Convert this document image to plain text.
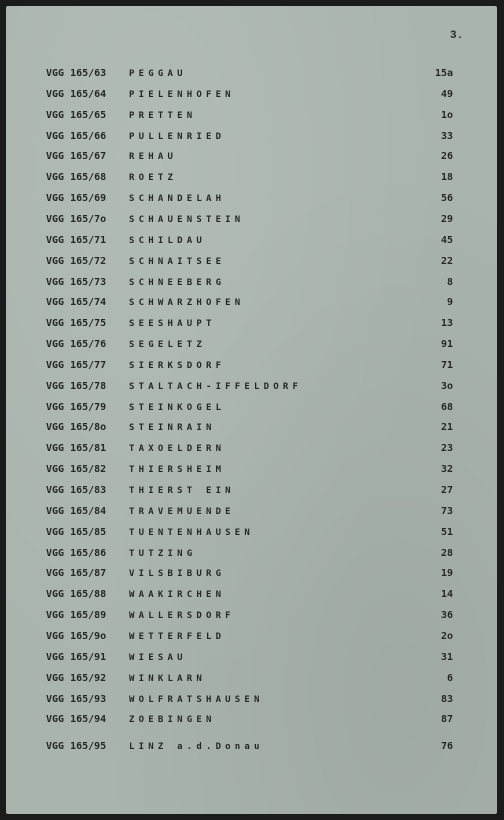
3.
VGG 165/63	PEGGAU	15a
VGG 165/64	PIELENHOFEN	49
VGG 165/65	PRETTEN	1o
VGG 165/66	PULLENRIED	33
VGG 165/67	REHAU	26
VGG 165/68	ROETZ	18
VGG 165/69	SCHANDELAH	56
VGG 165/7o	SCHAUENSTEIN	29
VGG 165/71	SCHILDAU	45
VGG 165/72	SCHNAITSEE	22
VGG 165/73	SCHNEEBERG	8
VGG 165/74	SCHWARZHOFEN	9
VGG 165/75	SEESHAUPT	13
VGG 165/76	SEGELETZ	91
VGG 165/77	SIERKSDORF	71
VGG 165/78	STALTACH-IFFELDORF	3o
VGG 165/79	STEINKOGEL	68
VGG 165/8o	STEINRAIN	21
VGG 165/81	TAXOELDERN	23
VGG 165/82	THIERSHEIM	32
VGG 165/83	THIERST EIN	27
VGG 165/84	TRAVEMUENDE	73
VGG 165/85	TUENTENHAUSEN	51
VGG 165/86	TUTZING	28
VGG 165/87	VILSBIBURG	19
VGG 165/88	WAAKIRCHEN	14
VGG 165/89	WALLERSDORF	36
VGG 165/9o	WETTERFELD	2o
VGG 165/91	WIESAU	31
VGG 165/92	WINKLARN	6
VGG 165/93	WOLFRATSHAUSEN	83
VGG 165/94	ZOEBINGEN	87
VGG 165/95	LINZ a.d.Donau	76
